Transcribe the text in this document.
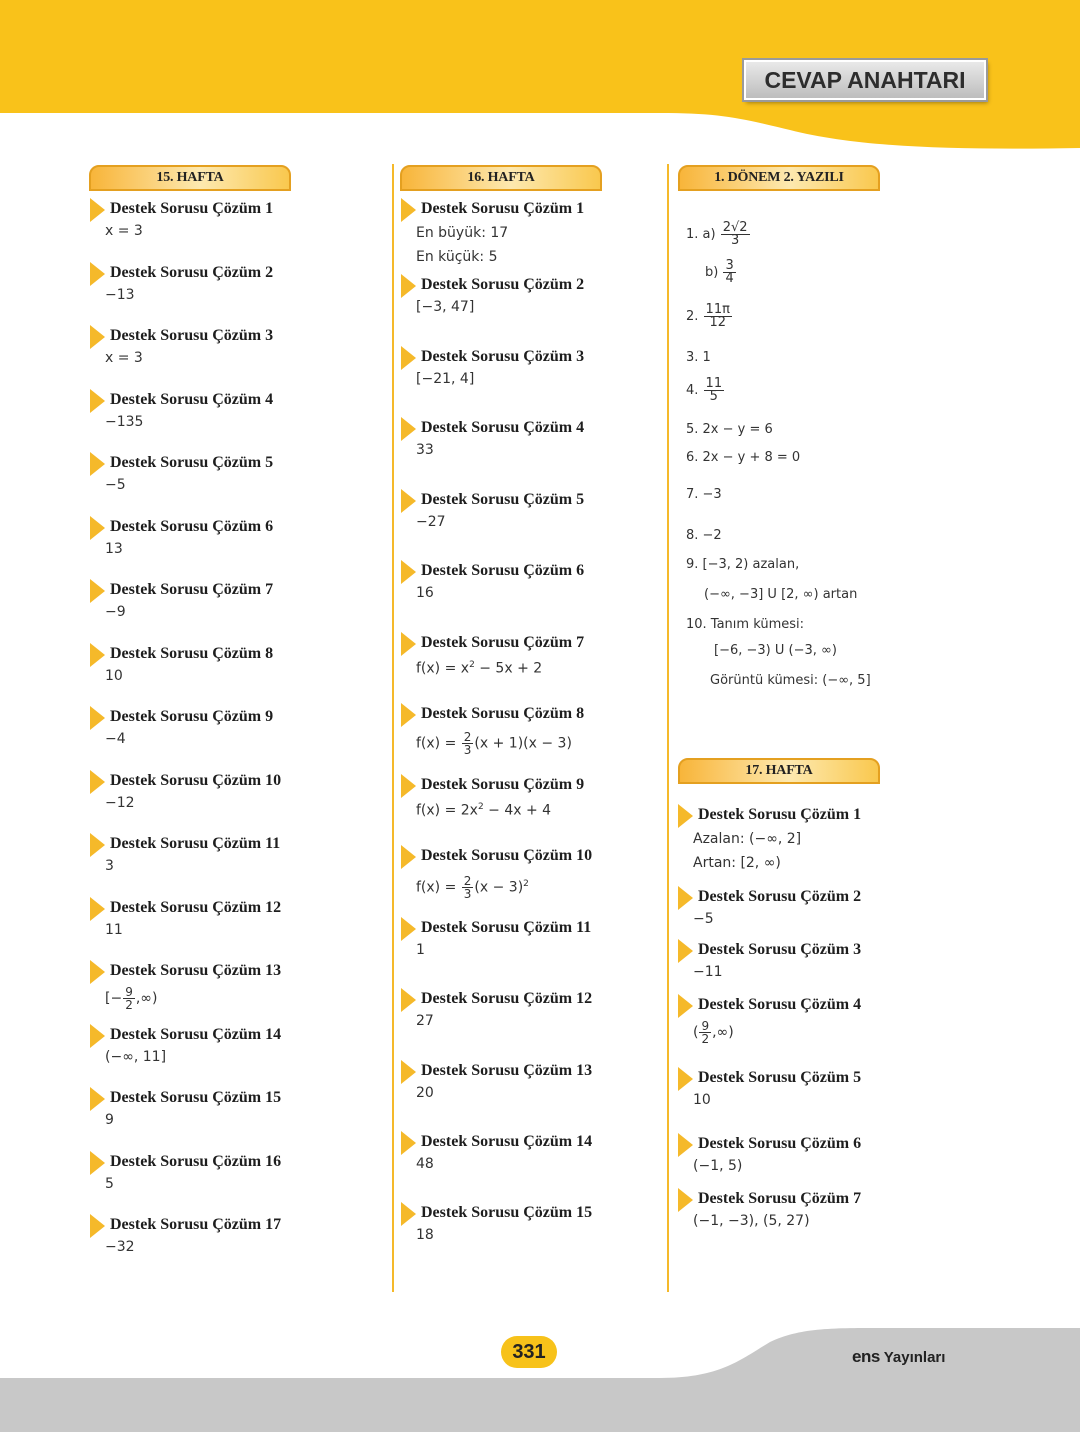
CEVAP ANAHTARI
15. HAFTA
Destek Sorusu Çözüm 1
x = 3
Destek Sorusu Çözüm 2
−13
Destek Sorusu Çözüm 3
x = 3
Destek Sorusu Çözüm 4
−135
Destek Sorusu Çözüm 5
−5
Destek Sorusu Çözüm 6
13
Destek Sorusu Çözüm 7
−9
Destek Sorusu Çözüm 8
10
Destek Sorusu Çözüm 9
−4
Destek Sorusu Çözüm 10
−12
Destek Sorusu Çözüm 11
3
Destek Sorusu Çözüm 12
11
Destek Sorusu Çözüm 13
[− $\frac{9}{2}$ ,∞)
Destek Sorusu Çözüm 14
(−∞, 11]
Destek Sorusu Çözüm 15
9
Destek Sorusu Çözüm 16
5
Destek Sorusu Çözüm 17
−32
16. HAFTA
Destek Sorusu Çözüm 1
En büyük: 17
En küçük: 5
Destek Sorusu Çözüm 2
[−3, 47]
Destek Sorusu Çözüm 3
[−21, 4]
Destek Sorusu Çözüm 4
33
Destek Sorusu Çözüm 5
−27
Destek Sorusu Çözüm 6
16
Destek Sorusu Çözüm 7
$f(x) = x^2 - 5x + 2$
Destek Sorusu Çözüm 8
$f(x) = \frac{2}{3} (x + 1)(x - 3)$
Destek Sorusu Çözüm 9
$f(x) = 2x^2 - 4x + 4$
Destek Sorusu Çözüm 10
$f(x) = \frac{2}{3} (x - 3)^2$
Destek Sorusu Çözüm 11
1
Destek Sorusu Çözüm 12
27
Destek Sorusu Çözüm 13
20
Destek Sorusu Çözüm 14
48
Destek Sorusu Çözüm 15
18
1. DÖNEM 2. YAZILI
1. $a) \frac{2√2}{3}$
$b) \frac{3}{4}$
2. $\frac{11\pi}{12}$
3. 1
4. $\frac{11}{5}$
5. 2x − y = 6
6. 2x − y + 8 = 0
7. −3
8. −2
9. [−3, 2) azalan,
(−∞, −3] U [2, ∞) artan
10. Tanım kümesi:
[−6, −3) U (−3, ∞)
Görüntü kümesi: (−∞, 5]
17. HAFTA
Destek Sorusu Çözüm 1
Azalan: (−∞, 2]
Artan: [2, ∞)
Destek Sorusu Çözüm 2
−5
Destek Sorusu Çözüm 3
−11
Destek Sorusu Çözüm 4
( $\frac{9}{2}$ ,∞)
Destek Sorusu Çözüm 5
10
Destek Sorusu Çözüm 6
(−1, 5)
Destek Sorusu Çözüm 7
(−1, −3), (5, 27)
331	ens Yayınları
